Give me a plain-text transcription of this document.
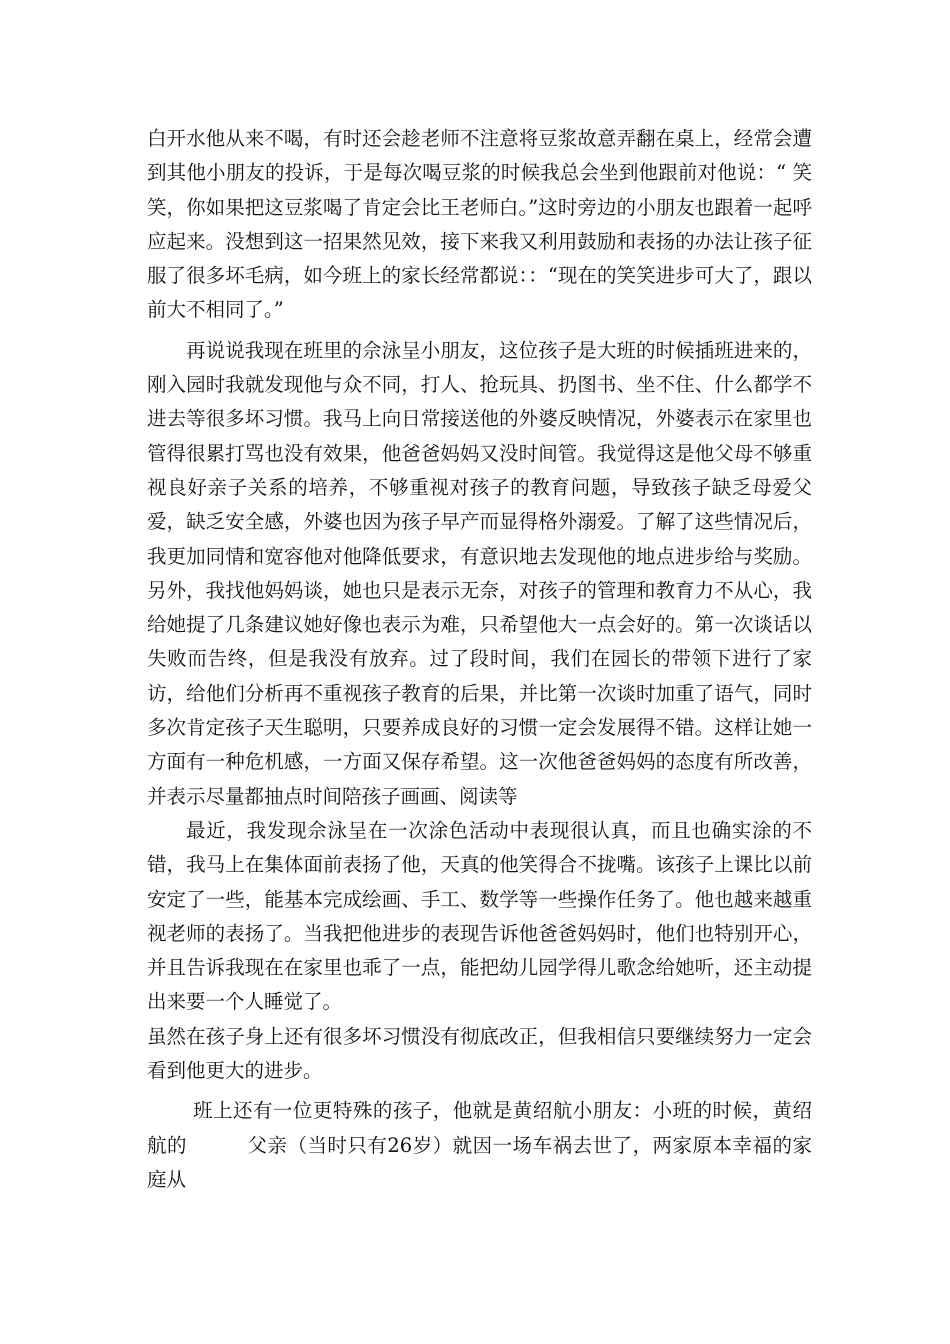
白开水他从来不喝，有时还会趁老师不注意将豆浆故意弄翻在桌上，经常会遭到其他小朋友的投诉，于是每次喝豆浆的时候我总会坐到他跟前对他说：“ 笑笑，你如果把这豆浆喝了肯定会比王老师白。”这时旁边的小朋友也跟着一起呼应起来。没想到这一招果然见效，接下来我又利用鼓励和表扬的办法让孩子征服了很多坏毛病，如今班上的家长经常都说：：“现在的笑笑进步可大了，跟以前大不相同了。”

再说说我现在班里的佘泳呈小朋友，这位孩子是大班的时候插班进来的，刚入园时我就发现他与众不同，打人、抢玩具、扔图书、坐不住、什么都学不进去等很多坏习惯。我马上向日常接送他的外婆反映情况，外婆表示在家里也管得很累打骂也没有效果，他爸爸妈妈又没时间管。我觉得这是他父母不够重视良好亲子关系的培养，不够重视对孩子的教育问题，导致孩子缺乏母爱父爱，缺乏安全感，外婆也因为孩子早产而显得格外溺爱。了解了这些情况后，我更加同情和宽容他对他降低要求，有意识地去发现他的地点进步给与奖励。另外，我找他妈妈谈，她也只是表示无奈，对孩子的管理和教育力不从心，我给她提了几条建议她好像也表示为难，只希望他大一点会好的。第一次谈话以失败而告终，但是我没有放弃。过了段时间，我们在园长的带领下进行了家访，给他们分析再不重视孩子教育的后果，并比第一次谈时加重了语气，同时多次肯定孩子天生聪明，只要养成良好的习惯一定会发展得不错。这样让她一方面有一种危机感，一方面又保存希望。这一次他爸爸妈妈的态度有所改善，并表示尽量都抽点时间陪孩子画画、阅读等

最近，我发现佘泳呈在一次涂色活动中表现很认真，而且也确实涂的不错，我马上在集体面前表扬了他，天真的他笑得合不拢嘴。该孩子上课比以前安定了一些，能基本完成绘画、手工、数学等一些操作任务了。他也越来越重视老师的表扬了。当我把他进步的表现告诉他爸爸妈妈时，他们也特别开心，并且告诉我现在在家里也乖了一点，能把幼儿园学得儿歌念给她听，还主动提出来要一个人睡觉了。

虽然在孩子身上还有很多坏习惯没有彻底改正，但我相信只要继续努力一定会看到他更大的进步。

班上还有一位更特殊的孩子，他就是黄绍航小朋友：小班的时候，黄绍航的	父亲（当时只有26岁）就因一场车祸去世了，两家原本幸福的家庭从
